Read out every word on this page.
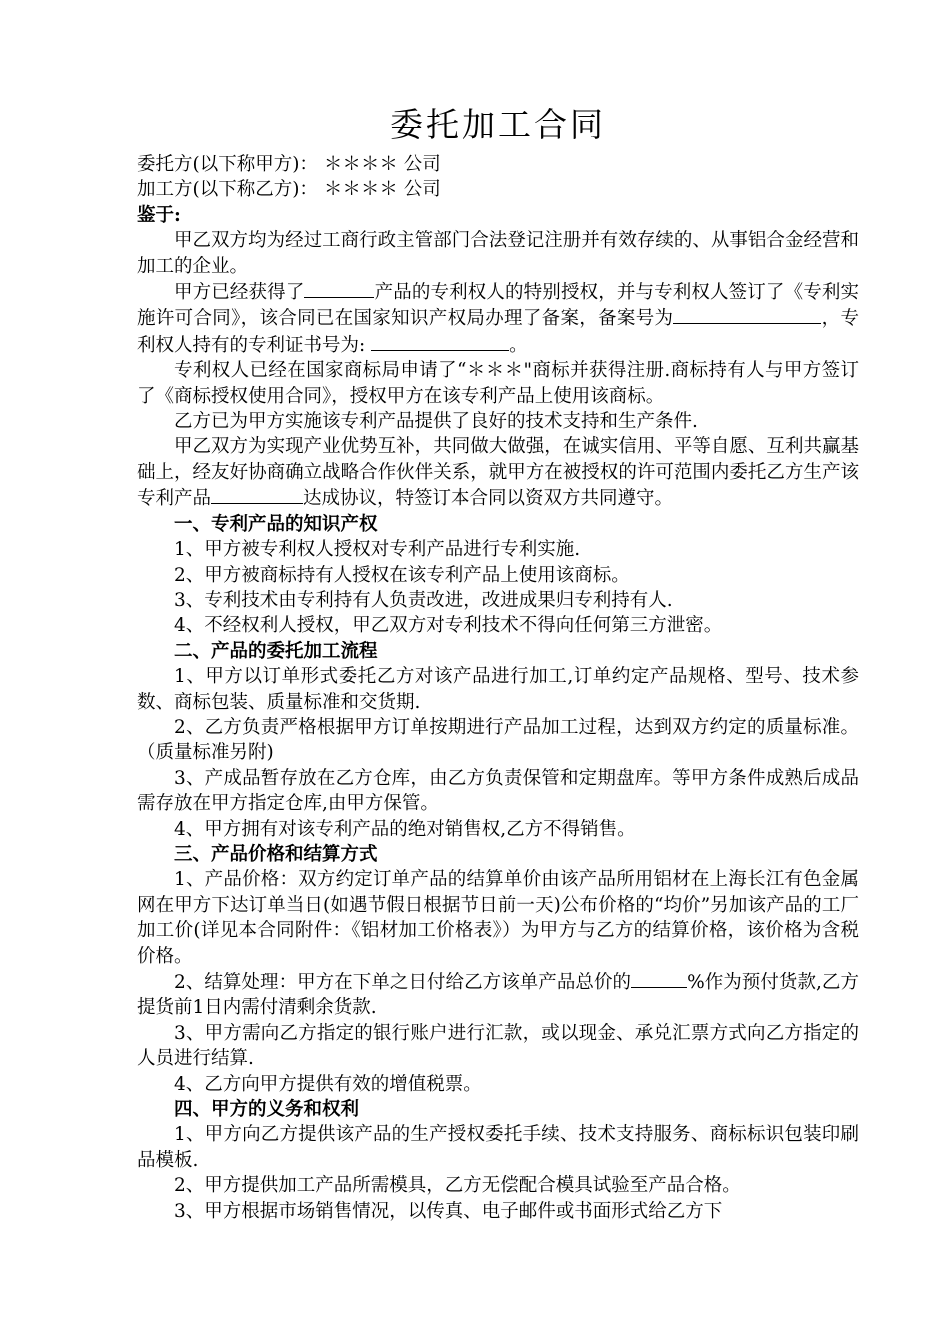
委托加工合同

委托方(以下称甲方)： ＊＊＊＊ 公司

加工方(以下称乙方)： ＊＊＊＊ 公司

鉴于:

甲乙双方均为经过工商行政主管部门合法登记注册并有效存续的、从事铝合金经营和加工的企业。

甲方已经获得了	产品的专利权人的特别授权，并与专利权人签订了《专利实施许可合同》，该合同已在国家知识产权局办理了备案，备案号为	，专利权人持有的专利证书号为:	。

专利权人已经在国家商标局申请了“＊＊＊"商标并获得注册.商标持有人与甲方签订了《商标授权使用合同》，授权甲方在该专利产品上使用该商标。

乙方已为甲方实施该专利产品提供了良好的技术支持和生产条件.

甲乙双方为实现产业优势互补，共同做大做强，在诚实信用、平等自愿、互利共赢基础上，经友好协商确立战略合作伙伴关系，就甲方在被授权的许可范围内委托乙方生产该专利产品	达成协议，特签订本合同以资双方共同遵守。

一、专利产品的知识产权

1、甲方被专利权人授权对专利产品进行专利实施.

2、甲方被商标持有人授权在该专利产品上使用该商标。

3、专利技术由专利持有人负责改进，改进成果归专利持有人.

4、不经权利人授权，甲乙双方对专利技术不得向任何第三方泄密。

二、产品的委托加工流程

1、甲方以订单形式委托乙方对该产品进行加工,订单约定产品规格、型号、技术参数、商标包装、质量标准和交货期.

2、乙方负责严格根据甲方订单按期进行产品加工过程，达到双方约定的质量标准。（质量标准另附)

3、产成品暂存放在乙方仓库，由乙方负责保管和定期盘库。等甲方条件成熟后成品需存放在甲方指定仓库,由甲方保管。

4、甲方拥有对该专利产品的绝对销售权,乙方不得销售。

三、产品价格和结算方式

1、产品价格：双方约定订单产品的结算单价由该产品所用铝材在上海长江有色金属网在甲方下达订单当日(如遇节假日根据节日前一天)公布价格的“均价”另加该产品的工厂加工价(详见本合同附件：《铝材加工价格表》）为甲方与乙方的结算价格，该价格为含税价格。

2、结算处理：甲方在下单之日付给乙方该单产品总价的	%作为预付货款,乙方提货前1日内需付清剩余货款.

3、甲方需向乙方指定的银行账户进行汇款，或以现金、承兑汇票方式向乙方指定的人员进行结算.

4、乙方向甲方提供有效的增值税票。

四、甲方的义务和权利

1、甲方向乙方提供该产品的生产授权委托手续、技术支持服务、商标标识包装印刷品模板.

2、甲方提供加工产品所需模具，乙方无偿配合模具试验至产品合格。

3、甲方根据市场销售情况，以传真、电子邮件或书面形式给乙方下
